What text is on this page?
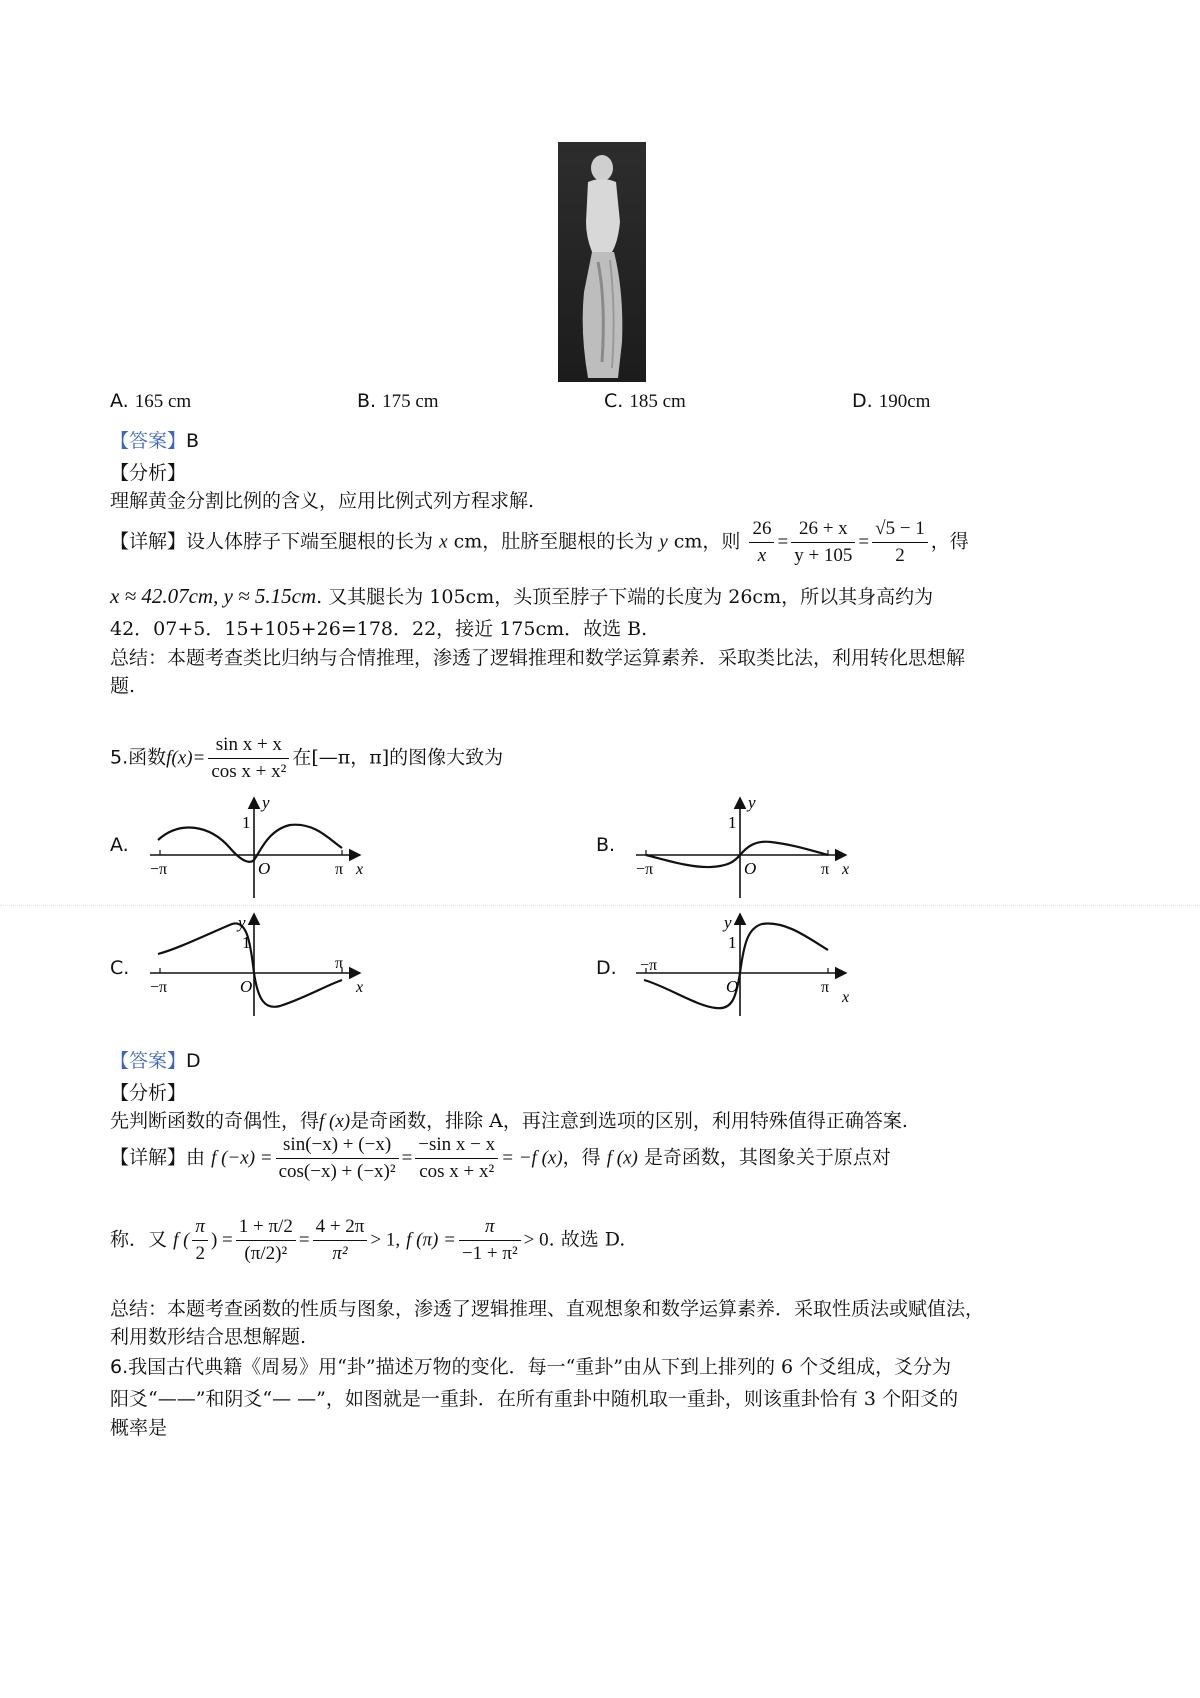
A. 165 cm	B. 175 cm	C. 185 cm	D. 190cm
【答案】B
【分析】
理解黄金分割比例的含义，应用比例式列方程求解.
【详解】设人体脖子下端至腿根的长为 x cm，肚脐至腿根的长为 y cm，则 $\frac{26}{x} = \frac{26 + x}{y + 105} = \frac{√5 - 1}{2}$ ，得
x ≈ 42.07cm, y ≈ 5.15cm. 又其腿长为 105cm，头顶至脖子下端的长度为 26cm，所以其身高约为
42．07+5．15+105+26=178．22，接近 175cm．故选 B.
总结：本题考查类比归纳与合情推理，渗透了逻辑推理和数学运算素养．采取类比法，利用转化思想解
题.
5.函数$f(x)= \frac{\text{sin x + x}}{\text{cos x + x²}}$ 在[—π，π]的图像大致为
A.	B.
C.	D.
y
1
O
−π	π x
y
1
O
−π	π x
y
1
O
−π
π
x
y
1
O
−π
π
x
【答案】D
【分析】
先判断函数的奇偶性，得f (x)是奇函数，排除 A，再注意到选项的区别，利用特殊值得正确答案.
【详解】由 f $(-x) = \frac{\sin(-x) + (-x)}{\text{cos(−x) + (−x)²}} = \frac{\text{−sin x − x}}{\text{cos x + x²}} = -f$ (x)，得 f (x) 是奇函数，其图象关于原点对
称．又 f ( $\frac{\pi}{2}$ ) = $\frac{1 + \pi/2}{\text{(π/2)²}} = \frac{4 + 2\pi}{\text{π²}} > 1$, f $(\pi) = \frac{\pi}{\text{−1 + π²}} > 0$. 故选 D.
总结：本题考查函数的性质与图象，渗透了逻辑推理、直观想象和数学运算素养．采取性质法或赋值法，
利用数形结合思想解题.
6.我国古代典籍《周易》用“卦”描述万物的变化．每一“重卦”由从下到上排列的 6 个爻组成，爻分为
阳爻“——”和阴爻“— —”，如图就是一重卦．在所有重卦中随机取一重卦，则该重卦恰有 3 个阳爻的
概率是
